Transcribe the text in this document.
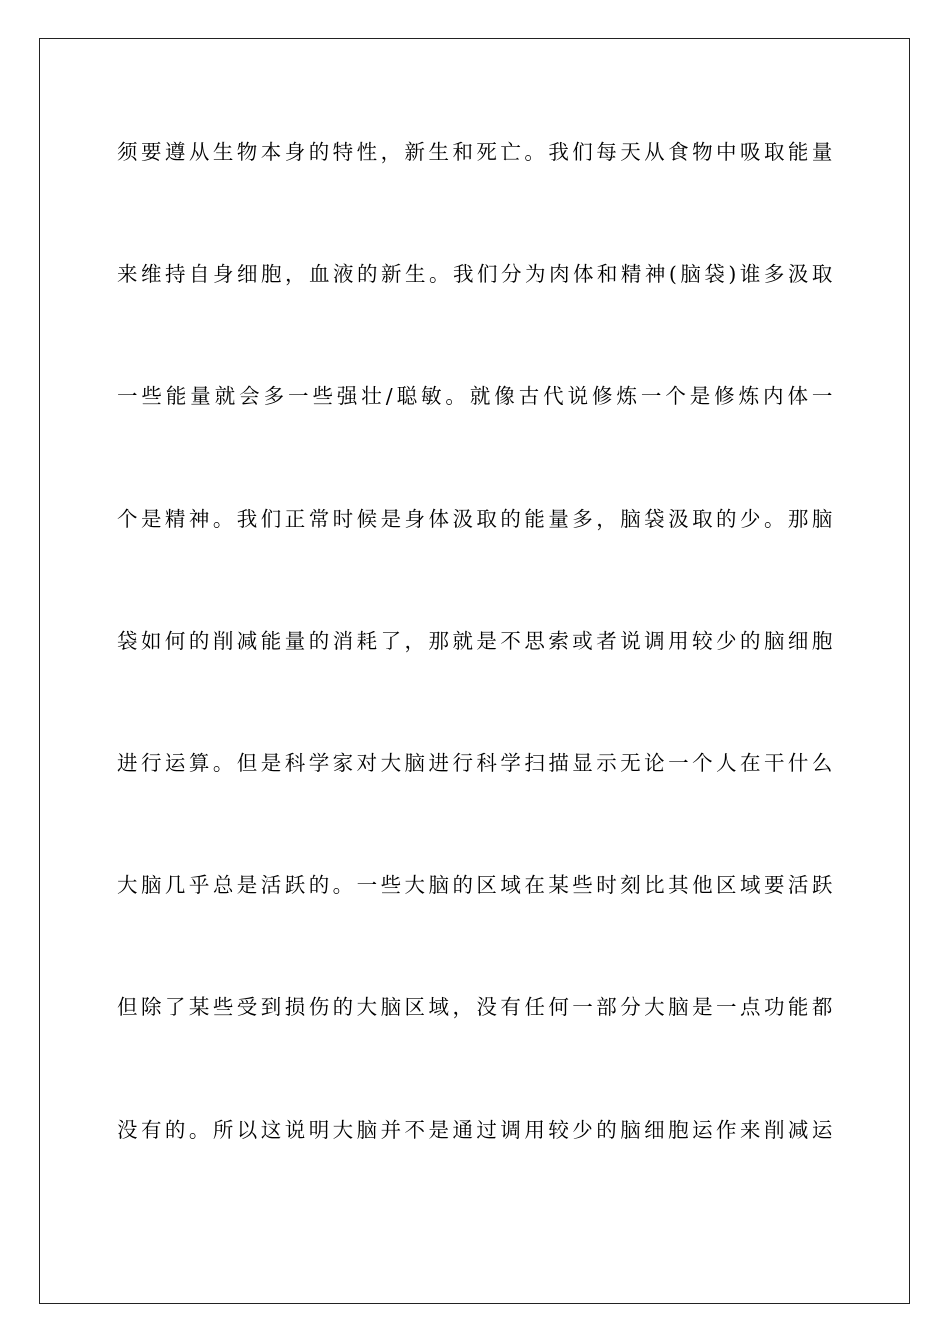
须要遵从生物本身的特性，新生和死亡。我们每天从食物中吸取能量
来维持自身细胞，血液的新生。我们分为肉体和精神(脑袋)谁多汲取
一些能量就会多一些强壮/聪敏。就像古代说修炼一个是修炼内体一
个是精神。我们正常时候是身体汲取的能量多，脑袋汲取的少。那脑
袋如何的削减能量的消耗了，那就是不思索或者说调用较少的脑细胞
进行运算。但是科学家对大脑进行科学扫描显示无论一个人在干什么
大脑几乎总是活跃的。一些大脑的区域在某些时刻比其他区域要活跃
但除了某些受到损伤的大脑区域，没有任何一部分大脑是一点功能都
没有的。所以这说明大脑并不是通过调用较少的脑细胞运作来削减运
